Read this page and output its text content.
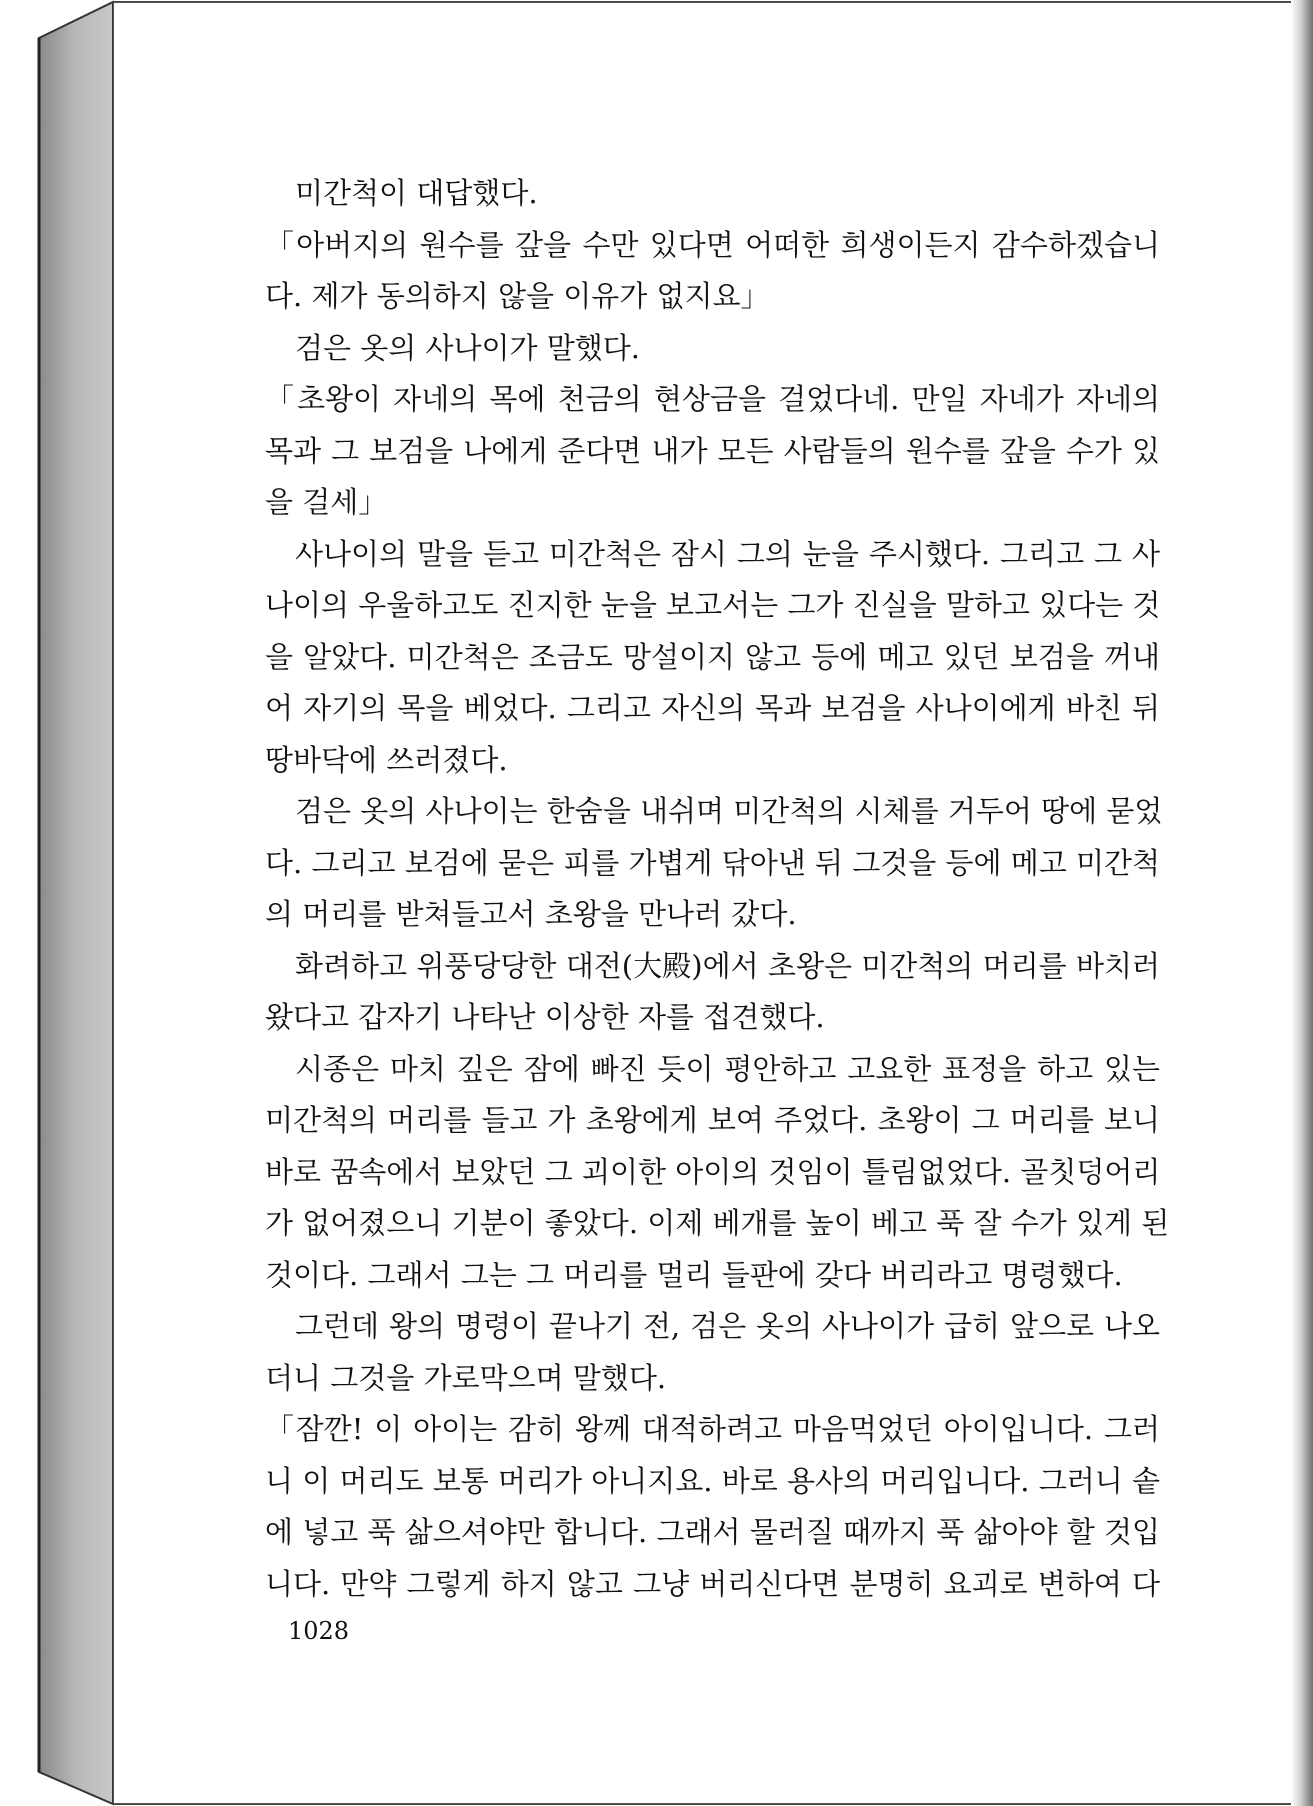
미간척이 대답했다.
「아버지의 원수를 갚을 수만 있다면 어떠한 희생이든지 감수하겠습니
다. 제가 동의하지 않을 이유가 없지요」
검은 옷의 사나이가 말했다.
「초왕이 자네의 목에 천금의 현상금을 걸었다네. 만일 자네가 자네의
목과 그 보검을 나에게 준다면 내가 모든 사람들의 원수를 갚을 수가 있
을 걸세」
사나이의 말을 듣고 미간척은 잠시 그의 눈을 주시했다. 그리고 그 사
나이의 우울하고도 진지한 눈을 보고서는 그가 진실을 말하고 있다는 것
을 알았다. 미간척은 조금도 망설이지 않고 등에 메고 있던 보검을 꺼내
어 자기의 목을 베었다. 그리고 자신의 목과 보검을 사나이에게 바친 뒤
땅바닥에 쓰러졌다.
검은 옷의 사나이는 한숨을 내쉬며 미간척의 시체를 거두어 땅에 묻었
다. 그리고 보검에 묻은 피를 가볍게 닦아낸 뒤 그것을 등에 메고 미간척
의 머리를 받쳐들고서 초왕을 만나러 갔다.
화려하고 위풍당당한 대전(大殿)에서 초왕은 미간척의 머리를 바치러
왔다고 갑자기 나타난 이상한 자를 접견했다.
시종은 마치 깊은 잠에 빠진 듯이 평안하고 고요한 표정을 하고 있는
미간척의 머리를 들고 가 초왕에게 보여 주었다. 초왕이 그 머리를 보니
바로 꿈속에서 보았던 그 괴이한 아이의 것임이 틀림없었다. 골칫덩어리
가 없어졌으니 기분이 좋았다. 이제 베개를 높이 베고 푹 잘 수가 있게 된
것이다. 그래서 그는 그 머리를 멀리 들판에 갖다 버리라고 명령했다.
그런데 왕의 명령이 끝나기 전, 검은 옷의 사나이가 급히 앞으로 나오
더니 그것을 가로막으며 말했다.
「잠깐! 이 아이는 감히 왕께 대적하려고 마음먹었던 아이입니다. 그러
니 이 머리도 보통 머리가 아니지요. 바로 용사의 머리입니다. 그러니 솥
에 넣고 푹 삶으셔야만 합니다. 그래서 물러질 때까지 푹 삶아야 할 것입
니다. 만약 그렇게 하지 않고 그냥 버리신다면 분명히 요괴로 변하여 다
1028
